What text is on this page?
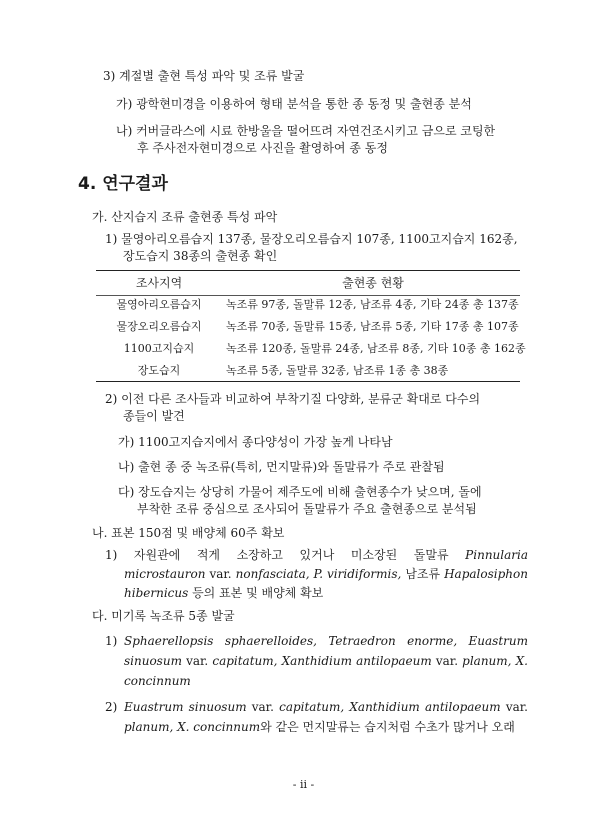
3) 계절별 출현 특성 파악 및 조류 발굴
가) 광학현미경을 이용하여 형태 분석을 통한 종 동정 및 출현종 분석
나) 커버글라스에 시료 한방울을 떨어뜨려 자연건조시키고 금으로 코팅한
후 주사전자현미경으로 사진을 촬영하여 종 동정
4. 연구결과
가. 산지습지 조류 출현종 특성 파악
1) 물영아리오름습지 137종, 물장오리오름습지 107종, 1100고지습지 162종,
장도습지 38종의 출현종 확인
조사지역	출현종 현황
물영아리오름습지	녹조류 97종, 돌말류 12종, 남조류 4종, 기타 24종 총 137종
물장오리오름습지	녹조류 70종, 돌말류 15종, 남조류 5종, 기타 17종 총 107종
1100고지습지	녹조류 120종, 돌말류 24종, 남조류 8종, 기타 10종 총 162종
장도습지	녹조류 5종, 돌말류 32종, 남조류 1종 총 38종
2) 이전 다른 조사들과 비교하여 부착기질 다양화, 분류군 확대로 다수의
종들이 발견
가) 1100고지습지에서 종다양성이 가장 높게 나타남
나) 출현 종 중 녹조류(특히, 먼지말류)와 돌말류가 주로 관찰됨
다) 장도습지는 상당히 가물어 제주도에 비해 출현종수가 낮으며, 돌에
부착한 조류 중심으로 조사되어 돌말류가 주요 출현종으로 분석됨
나. 표본 150점 및 배양체 60주 확보
1) 자원관에 적게 소장하고 있거나 미소장된 돌말류 Pinnularia
microstauron var. nonfasciata, P. viridiformis, 남조류 Hapalosiphon
hibernicus 등의 표본 및 배양체 확보
다. 미기록 녹조류 5종 발굴
1) Sphaerellopsis sphaerelloides, Tetraedron enorme, Euastrum
sinuosum var. capitatum, Xanthidium antilopaeum var. planum, X.
concinnum
2) Euastrum sinuosum var. capitatum, Xanthidium antilopaeum var.
planum, X. concinnum와 같은 먼지말류는 습지처럼 수초가 많거나 오래
- ii -
